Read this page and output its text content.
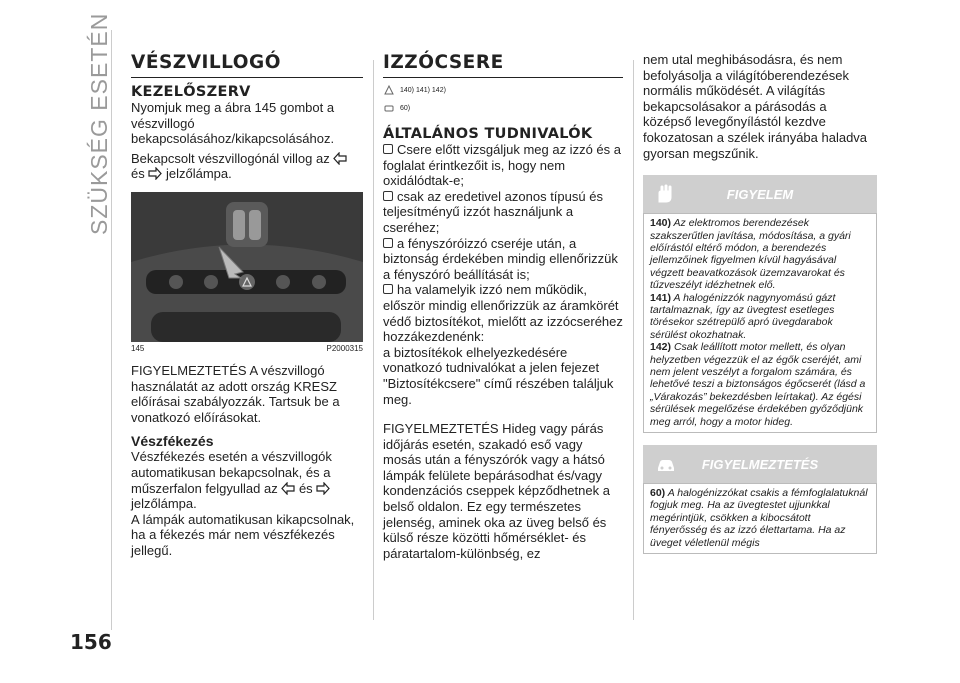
SZÜKSÉG ESETÉN
156
VÉSZVILLOGÓ
KEZELŐSZERV

Nyomjuk meg a ábra 145 gombot a vészvillogó bekapcsolásához/kikapcsolásához.

Bekapcsolt vészvillogónál villog az
és jelzőlámpa.

145	P2000315

FIGYELMEZTETÉS A vészvillogó használatát az adott ország KRESZ előírásai szabályozzák. Tartsuk be a vonatkozó előírásokat.

Vészfékezés

Vészfékezés esetén a vészvillogók automatikusan bekapcsolnak, és a műszerfalon felgyullad az és  jelzőlámpa.

A lámpák automatikusan kikapcsolnak, ha a fékezés már nem vészfékezés jellegű.

IZZÓCSERE
140) 141) 142)
60)
ÁLTALÁNOS TUDNIVALÓK

Csere előtt vizsgáljuk meg az izzó és a foglalat érintkezőit is, hogy nem oxidálódtak-e;

csak az eredetivel azonos típusú és teljesítményű izzót használjunk a cseréhez;

a fényszóróizzó cseréje után, a biztonság érdekében mindig ellenőrizzük a fényszóró beállítását is;

ha valamelyik izzó nem működik, először mindig ellenőrizzük az áramkörét védő biztosítékot, mielőtt az izzócseréhez hozzákezdenénk:

a biztosítékok elhelyezkedésére vonatkozó tudnivalókat a jelen fejezet "Biztosítékcsere" című részében találjuk meg.

FIGYELMEZTETÉS Hideg vagy párás időjárás esetén, szakadó eső vagy mosás után a fényszórók vagy a hátsó lámpák felülete bepárásodhat és/vagy kondenzációs cseppek képződhetnek a belső oldalon. Ez egy természetes jelenség, aminek oka az üveg belső és külső része közötti hőmérséklet- és páratartalom-különbség, ez

nem utal meghibásodásra, és nem befolyásolja a világítóberendezések normális működését. A világítás bekapcsolásakor a párásodás a középső levegőnyílástól kezdve fokozatosan a szélek irányába haladva gyorsan megszűnik.

FIGYELEM

140) Az elektromos berendezések szakszerűtlen javítása, módosítása, a gyári előírástól eltérő módon, a berendezés jellemzőinek figyelmen kívül hagyásával végzett beavatkozások üzemzavarokat és tűzveszélyt idézhetnek elő.

141) A halogénizzók nagynyomású gázt tartalmaznak, így az üvegtest esetleges törésekor szétrepülő apró üvegdarabok sérülést okozhatnak.

142) Csak leállított motor mellett, és olyan helyzetben végezzük el az égők cseréjét, ami nem jelent veszélyt a forgalom számára, és lehetővé teszi a biztonságos égőcserét (lásd a „Várakozás” bekezdésben leírtakat). Az égési sérülések megelőzése érdekében győződjünk meg arról, hogy a motor hideg.

FIGYELMEZTETÉS

60) A halogénizzókat csakis a fémfoglalatuknál fogjuk meg. Ha az üvegtestet ujjunkkal megérintjük, csökken a kibocsátott fényerősség és az izzó élettartama. Ha az üveget véletlenül mégis
